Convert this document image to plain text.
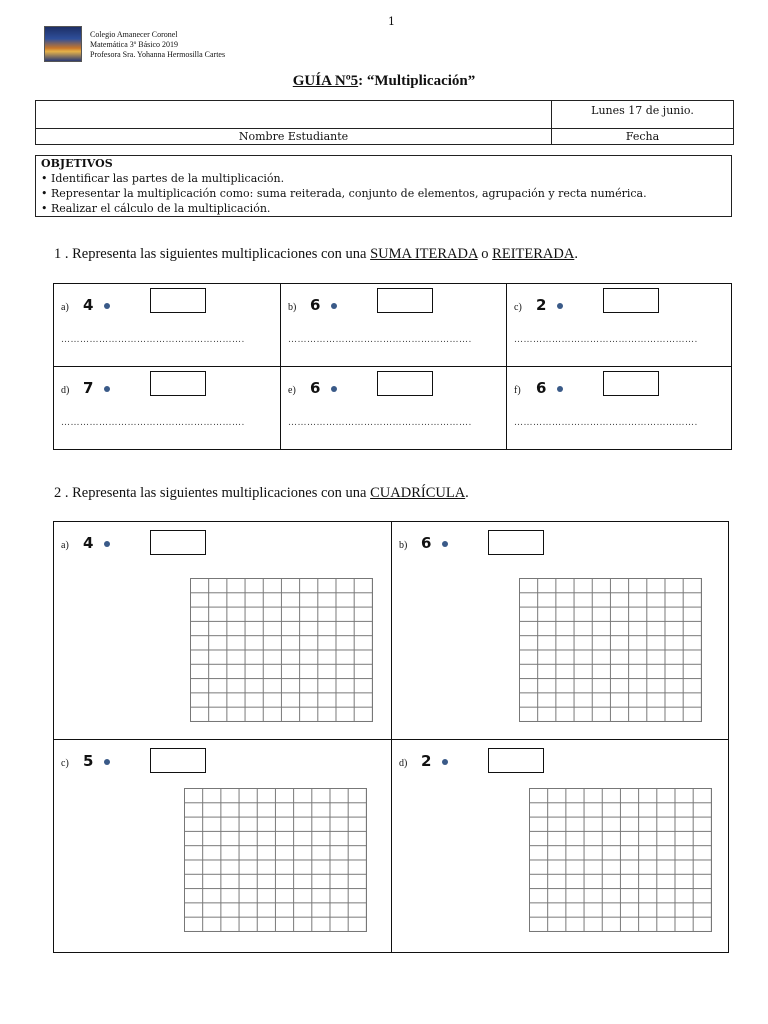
1
Colegio Amanecer Coronel
Matemática 3º Básico 2019
Profesora Sra. Yohanna Hermosilla Cartes
GUÍA Nº5: “Multiplicación”
	Lunes 17 de junio.
Nombre Estudiante	Fecha
OBJETIVOS
• Identificar las partes de la multiplicación.
• Representar la multiplicación como: suma reiterada, conjunto de elementos, agrupación y recta numérica.
• Realizar el cálculo de la multiplicación.
1 . Representa las siguientes multiplicaciones con una SUMA ITERADA o REITERADA.
a) 4
………………………………………………….
b) 6
………………………………………………….
c) 2
………………………………………………….
d) 7
………………………………………………….
e) 6
………………………………………………….
f) 6
………………………………………………….
2 . Representa las siguientes multiplicaciones con una CUADRÍCULA.
a) 4	b) 6
c) 5	d) 2
